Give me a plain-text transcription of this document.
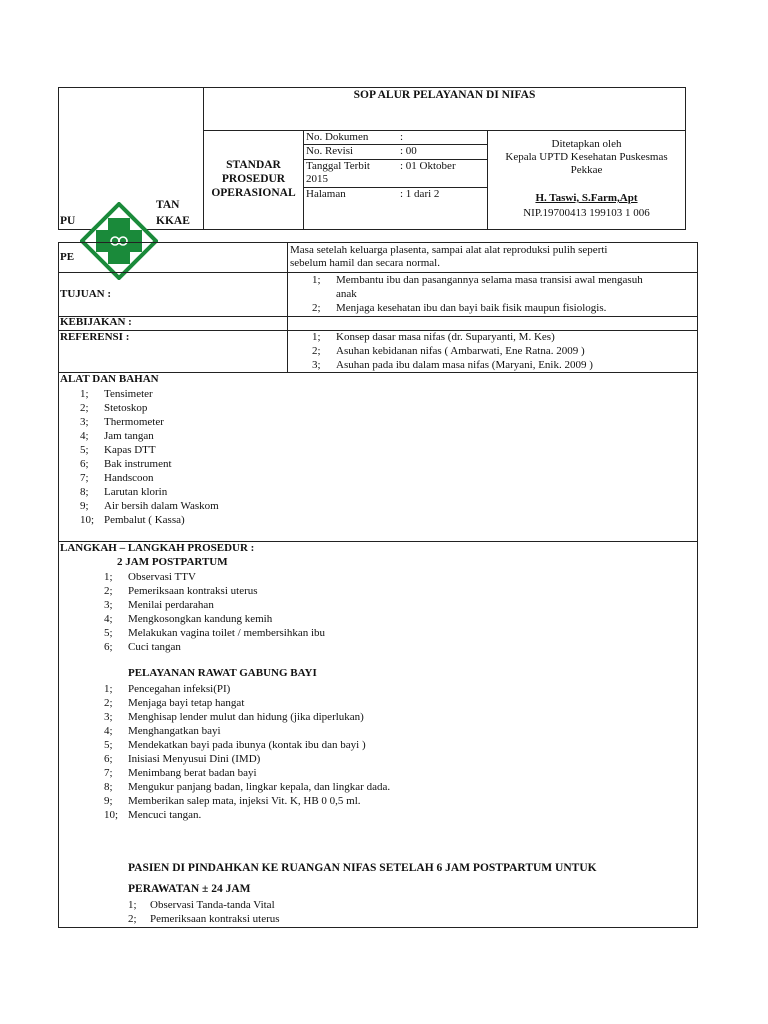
SOP ALUR PELAYANAN DI NIFAS
STANDAR
PROSEDUR
OPERASIONAL
No. Dokumen	:
No. Revisi	: 00
Tanggal Terbit	: 01 Oktober
2015
Halaman	: 1 dari 2
Ditetapkan oleh
Kepala UPTD Kesehatan Puskesmas
Pekkae
H. Taswi, S.Farm,Apt
NIP.19700413 199103 1 006
PU
TAN
KKAE
PE
Masa setelah keluarga plasenta, sampai alat alat reproduksi pulih seperti
sebelum hamil dan secara normal.
TUJUAN :
1; Membantu ibu dan pasangannya selama masa transisi awal mengasuh
anak
2; Menjaga kesehatan ibu dan bayi baik fisik maupun fisiologis.
KEBIJAKAN :
REFERENSI :	1; Konsep dasar masa nifas (dr. Suparyanti, M. Kes)
2; Asuhan kebidanan nifas ( Ambarwati, Ene Ratna. 2009 )
3; Asuhan pada ibu dalam masa nifas (Maryani, Enik. 2009 )
ALAT DAN BAHAN
1; Tensimeter
2; Stetoskop
3; Thermometer
4; Jam tangan
5; Kapas DTT
6; Bak instrument
7; Handscoon
8; Larutan klorin
9; Air bersih dalam Waskom
10; Pembalut ( Kassa)
LANGKAH – LANGKAH PROSEDUR :
2 JAM POSTPARTUM
1; Observasi TTV
2; Pemeriksaan kontraksi uterus
3; Menilai perdarahan
4; Mengkosongkan kandung kemih
5; Melakukan vagina toilet / membersihkan ibu
6; Cuci tangan
PELAYANAN RAWAT GABUNG BAYI
1; Pencegahan infeksi(PI)
2; Menjaga bayi tetap hangat
3; Menghisap lender mulut dan hidung (jika diperlukan)
4; Menghangatkan bayi
5; Mendekatkan bayi pada ibunya (kontak ibu dan bayi )
6; Inisiasi Menyusui Dini (IMD)
7; Menimbang berat badan bayi
8; Mengukur panjang badan, lingkar kepala, dan lingkar dada.
9; Memberikan salep mata, injeksi Vit. K, HB 0 0,5 ml.
10; Mencuci tangan.
PASIEN DI PINDAHKAN KE RUANGAN NIFAS SETELAH 6 JAM POSTPARTUM UNTUK
PERAWATAN ± 24 JAM
1; Observasi Tanda-tanda Vital
2; Pemeriksaan kontraksi uterus
